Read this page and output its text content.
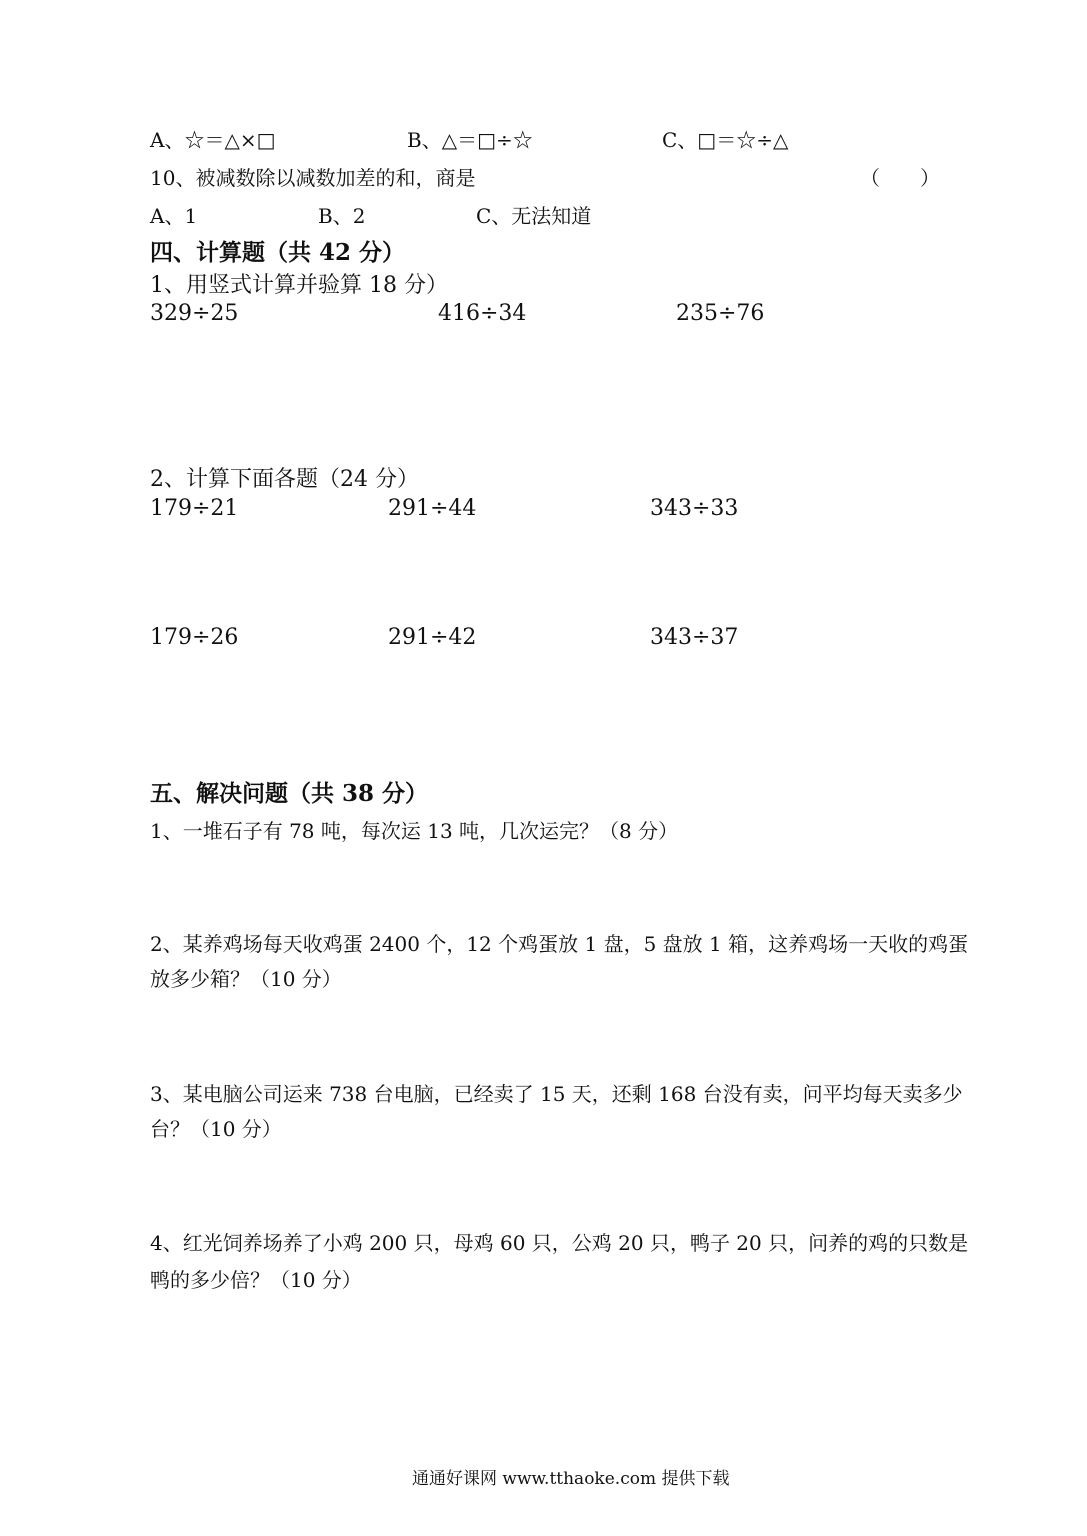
A、☆＝△×□	B、△＝□÷☆	C、□＝☆÷△
10、被减数除以减数加差的和，商是	（　　）
A、1	B、2	C、无法知道
四、计算题（共 42 分）
1、用竖式计算并验算 18 分）
329÷25	416÷34	235÷76
2、计算下面各题（24 分）
179÷21	291÷44	343÷33
179÷26	291÷42	343÷37
五、解决问题（共 38 分）
1、一堆石子有 78 吨，每次运 13 吨，几次运完？（8 分）
2、某养鸡场每天收鸡蛋 2400 个，12 个鸡蛋放 1 盘，5 盘放 1 箱，这养鸡场一天收的鸡蛋
放多少箱？（10 分）
3、某电脑公司运来 738 台电脑，已经卖了 15 天，还剩 168 台没有卖，问平均每天卖多少
台？（10 分）
4、红光饲养场养了小鸡 200 只，母鸡 60 只，公鸡 20 只，鸭子 20 只，问养的鸡的只数是
鸭的多少倍？（10 分）
通通好课网 www.tthaoke.com 提供下载
